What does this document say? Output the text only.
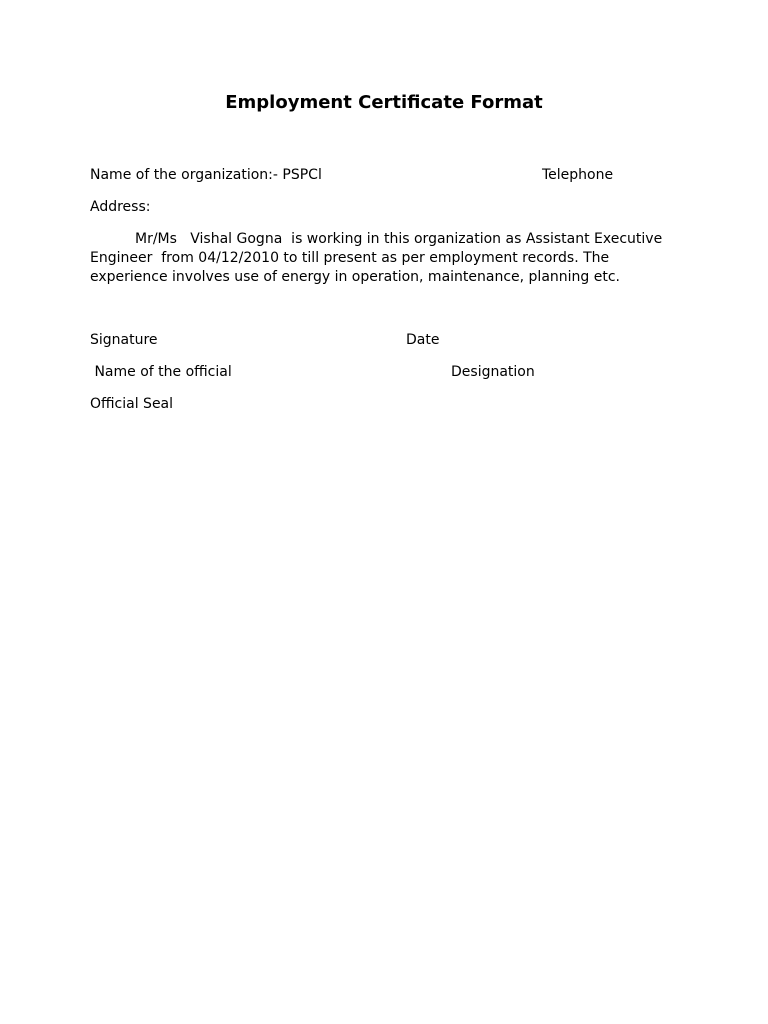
Employment Certificate Format
Name of the organization:- PSPCl	Telephone
Address:
Mr/Ms   Vishal Gogna  is working in this organization as Assistant Executive Engineer  from 04/12/2010 to till present as per employment records. The experience involves use of energy in operation, maintenance, planning etc.
Signature	Date
Name of the official	Designation
Official Seal
